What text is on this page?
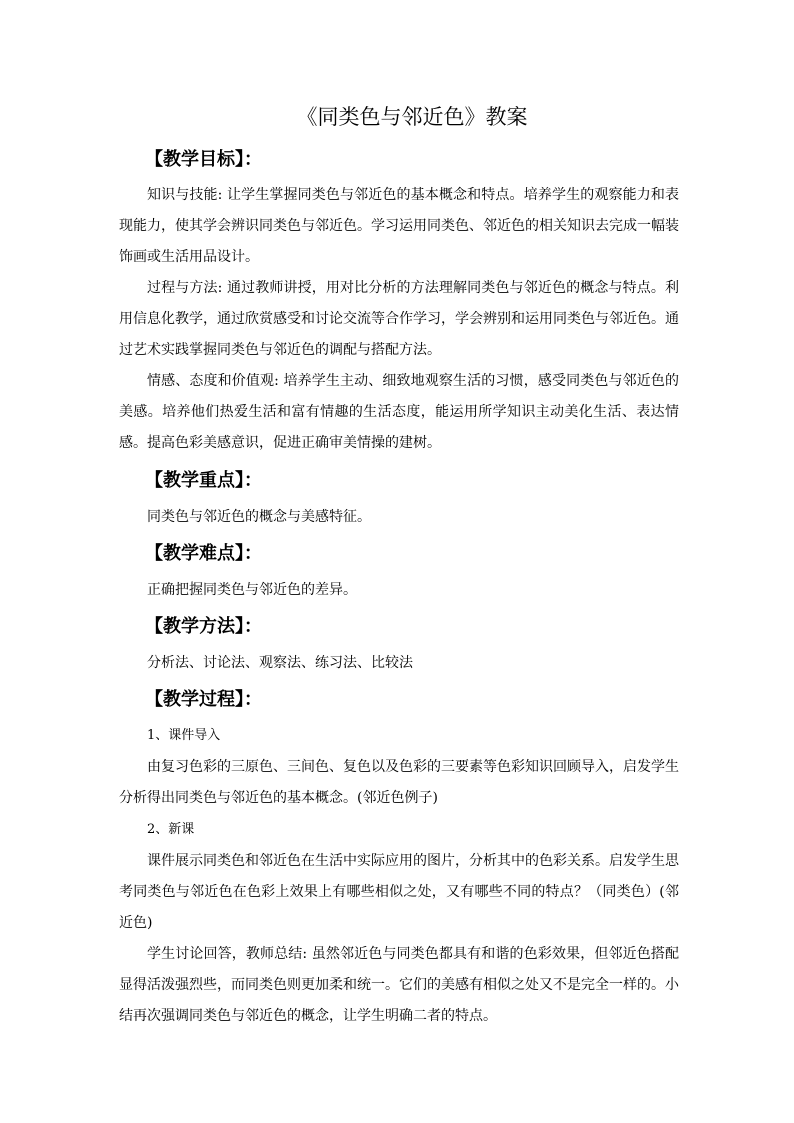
《同类色与邻近色》教案
【教学目标】：
知识与技能: 让学生掌握同类色与邻近色的基本概念和特点。培养学生的观察能力和表现能力，使其学会辨识同类色与邻近色。学习运用同类色、邻近色的相关知识去完成一幅装饰画或生活用品设计。
过程与方法: 通过教师讲授，用对比分析的方法理解同类色与邻近色的概念与特点。利用信息化教学，通过欣赏感受和讨论交流等合作学习，学会辨别和运用同类色与邻近色。通过艺术实践掌握同类色与邻近色的调配与搭配方法。
情感、态度和价值观: 培养学生主动、细致地观察生活的习惯，感受同类色与邻近色的美感。培养他们热爱生活和富有情趣的生活态度，能运用所学知识主动美化生活、表达情感。提高色彩美感意识，促进正确审美情操的建树。
【教学重点】：
同类色与邻近色的概念与美感特征。
【教学难点】：
正确把握同类色与邻近色的差异。
【教学方法】：
分析法、讨论法、观察法、练习法、比较法
【教学过程】：
1、课件导入
由复习色彩的三原色、三间色、复色以及色彩的三要素等色彩知识回顾导入，启发学生分析得出同类色与邻近色的基本概念。(邻近色例子)
2、新课
课件展示同类色和邻近色在生活中实际应用的图片，分析其中的色彩关系。启发学生思考同类色与邻近色在色彩上效果上有哪些相似之处，又有哪些不同的特点？（同类色）(邻近色)
学生讨论回答，教师总结: 虽然邻近色与同类色都具有和谐的色彩效果，但邻近色搭配显得活泼强烈些，而同类色则更加柔和统一。它们的美感有相似之处又不是完全一样的。小结再次强调同类色与邻近色的概念，让学生明确二者的特点。
